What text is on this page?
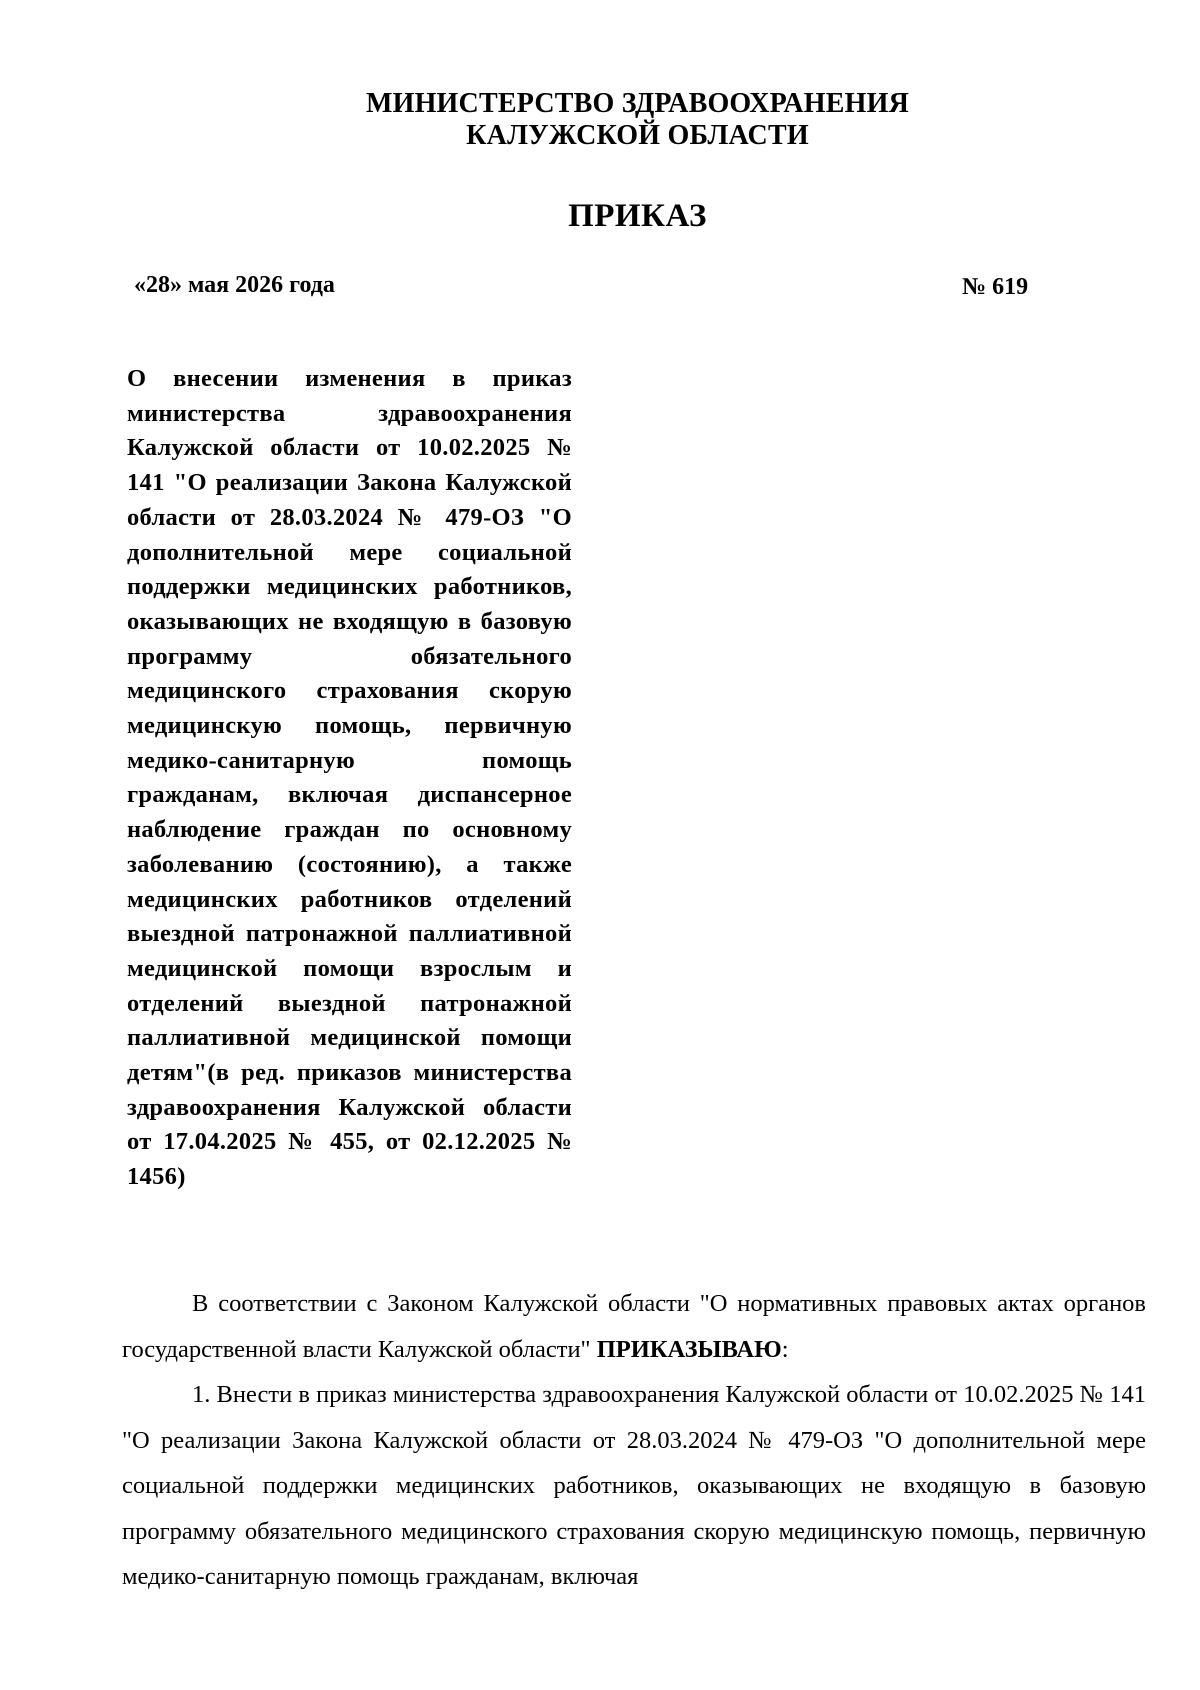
МИНИСТЕРСТВО ЗДРАВООХРАНЕНИЯ
КАЛУЖСКОЙ ОБЛАСТИ
ПРИКАЗ
«28» мая 2026 года	№ 619
О внесении изменения в приказ министерства здравоохранения Калужской области от 10.02.2025 № 141 "О реализации Закона Калужской области от 28.03.2024 № 479-ОЗ "О дополнительной мере социальной поддержки медицинских работников, оказывающих не входящую в базовую программу обязательного медицинского страхования скорую медицинскую помощь, первичную медико-санитарную помощь гражданам, включая диспансерное наблюдение граждан по основному заболеванию (состоянию), а также медицинских работников отделений выездной патронажной паллиативной медицинской помощи взрослым и отделений выездной патронажной паллиативной медицинской помощи детям"(в ред. приказов министерства здравоохранения Калужской области от 17.04.2025 № 455, от 02.12.2025 № 1456)

В соответствии с Законом Калужской области "О нормативных правовых актах органов государственной власти Калужской области" ПРИКАЗЫВАЮ:

1. Внести в приказ министерства здравоохранения Калужской области от 10.02.2025 № 141 "О реализации Закона Калужской области от 28.03.2024 № 479-ОЗ "О дополнительной мере социальной поддержки медицинских работников, оказывающих не входящую в базовую программу обязательного медицинского страхования скорую медицинскую помощь, первичную медико-санитарную помощь гражданам, включая
